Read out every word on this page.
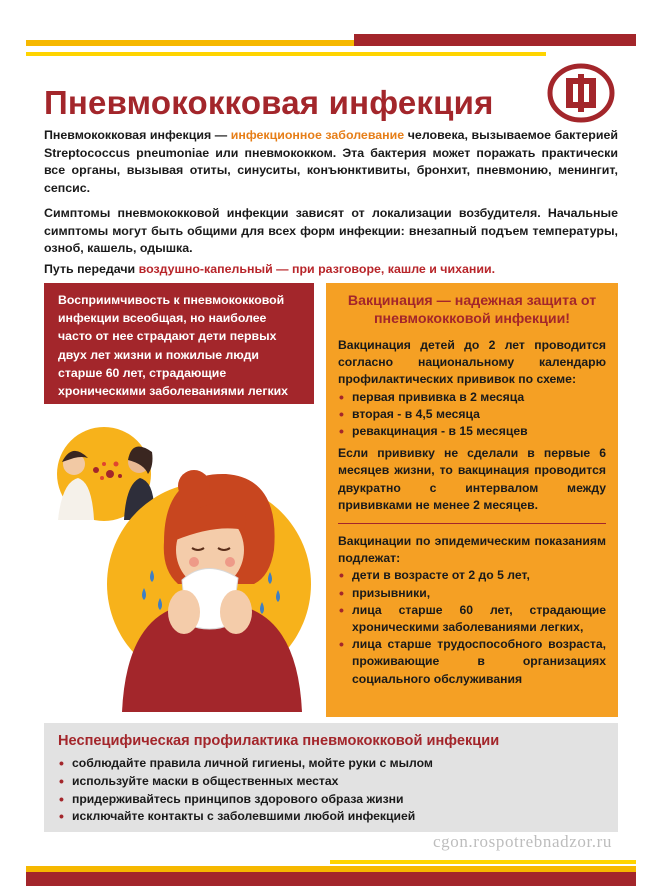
Пневмококковая инфекция

Пневмококковая инфекция — инфекционное заболевание человека, вызываемое бактерией Streptococcus pneumoniae или пневмококком. Эта бактерия может поражать практически все органы, вызывая отиты, синуситы, конъюнктивиты, бронхит, пневмонию, менингит, сепсис.

Симптомы пневмококковой инфекции зависят от локализации возбудителя. Начальные симптомы могут быть общими для всех форм инфекции: внезапный подъем температуры, озноб, кашель, одышка.

Путь передачи воздушно-капельный — при разговоре, кашле и чихании.

Восприимчивость к пневмококковой инфекции всеобщая, но наиболее часто от нее страдают дети первых двух лет жизни и пожилые люди старше 60 лет, страдающие хроническими заболеваниями легких
Вакцинация — надежная защита от пневмококковой инфекции!

Вакцинация детей до 2 лет проводится согласно национальному календарю профилактических прививок по схеме:

• первая прививка в 2 месяца
• вторая - в 4,5 месяца
• ревакцинация - в 15 месяцев

Если прививку не сделали в первые 6 месяцев жизни, то вакцинация проводится двукратно с интервалом между прививками не менее 2 месяцев.

Вакцинации по эпидемическим показаниям подлежат:

• дети в возрасте от 2 до 5 лет,
• призывники,
• лица старше 60 лет, страдающие хроническими заболеваниями легких,
• лица старше трудоспособного возраста, проживающие в организациях социального обслуживания
Неспецифическая профилактика пневмококковой инфекции
• соблюдайте правила личной гигиены, мойте руки с мылом
• используйте маски в общественных местах
• придерживайтесь принципов здорового образа жизни
• исключайте контакты с заболевшими любой инфекцией
cgon.rospotrebnadzor.ru
